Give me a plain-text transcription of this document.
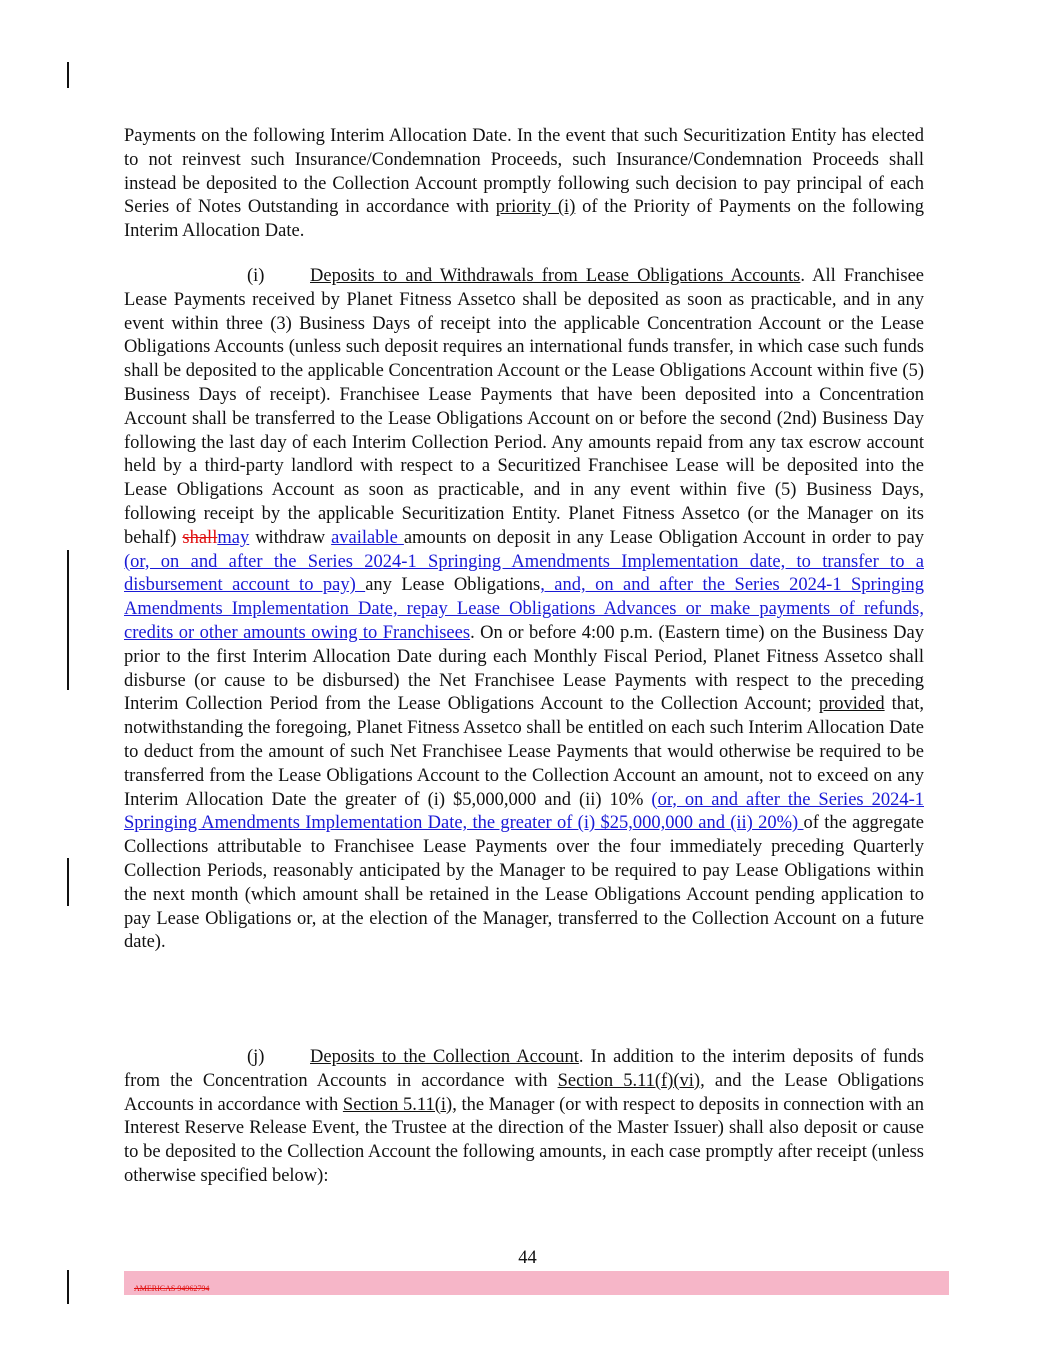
Payments on the following Interim Allocation Date. In the event that such Securitization Entity has elected to not reinvest such Insurance/Condemnation Proceeds, such Insurance/Condemnation Proceeds shall instead be deposited to the Collection Account promptly following such decision to pay principal of each Series of Notes Outstanding in accordance with priority (i) of the Priority of Payments on the following Interim Allocation Date.

(i) Deposits to and Withdrawals from Lease Obligations Accounts. All Franchisee Lease Payments received by Planet Fitness Assetco shall be deposited as soon as practicable, and in any event within three (3) Business Days of receipt into the applicable Concentration Account or the Lease Obligations Accounts (unless such deposit requires an international funds transfer, in which case such funds shall be deposited to the applicable Concentration Account or the Lease Obligations Account within five (5) Business Days of receipt). Franchisee Lease Payments that have been deposited into a Concentration Account shall be transferred to the Lease Obligations Account on or before the second (2nd) Business Day following the last day of each Interim Collection Period. Any amounts repaid from any tax escrow account held by a third-party landlord with respect to a Securitized Franchisee Lease will be deposited into the Lease Obligations Account as soon as practicable, and in any event within five (5) Business Days, following receipt by the applicable Securitization Entity. Planet Fitness Assetco (or the Manager on its behalf) shallmay withdraw available amounts on deposit in any Lease Obligation Account in order to pay (or, on and after the Series 2024-1 Springing Amendments Implementation date, to transfer to a disbursement account to pay) any Lease Obligations, and, on and after the Series 2024-1 Springing Amendments Implementation Date, repay Lease Obligations Advances or make payments of refunds, credits or other amounts owing to Franchisees. On or before 4:00 p.m. (Eastern time) on the Business Day prior to the first Interim Allocation Date during each Monthly Fiscal Period, Planet Fitness Assetco shall disburse (or cause to be disbursed) the Net Franchisee Lease Payments with respect to the preceding Interim Collection Period from the Lease Obligations Account to the Collection Account; provided that, notwithstanding the foregoing, Planet Fitness Assetco shall be entitled on each such Interim Allocation Date to deduct from the amount of such Net Franchisee Lease Payments that would otherwise be required to be transferred from the Lease Obligations Account to the Collection Account an amount, not to exceed on any Interim Allocation Date the greater of (i) $5,000,000 and (ii) 10% (or, on and after the Series 2024-1 Springing Amendments Implementation Date, the greater of (i) $25,000,000 and (ii) 20%) of the aggregate Collections attributable to Franchisee Lease Payments over the four immediately preceding Quarterly Collection Periods, reasonably anticipated by the Manager to be required to pay Lease Obligations within the next month (which amount shall be retained in the Lease Obligations Account pending application to pay Lease Obligations or, at the election of the Manager, transferred to the Collection Account on a future date).

(j) Deposits to the Collection Account. In addition to the interim deposits of funds from the Concentration Accounts in accordance with Section 5.11(f)(vi), and the Lease Obligations Accounts in accordance with Section 5.11(i), the Manager (or with respect to deposits in connection with an Interest Reserve Release Event, the Trustee at the direction of the Master Issuer) shall also deposit or cause to be deposited to the Collection Account the following amounts, in each case promptly after receipt (unless otherwise specified below):

44
AMERICAS 94962794
